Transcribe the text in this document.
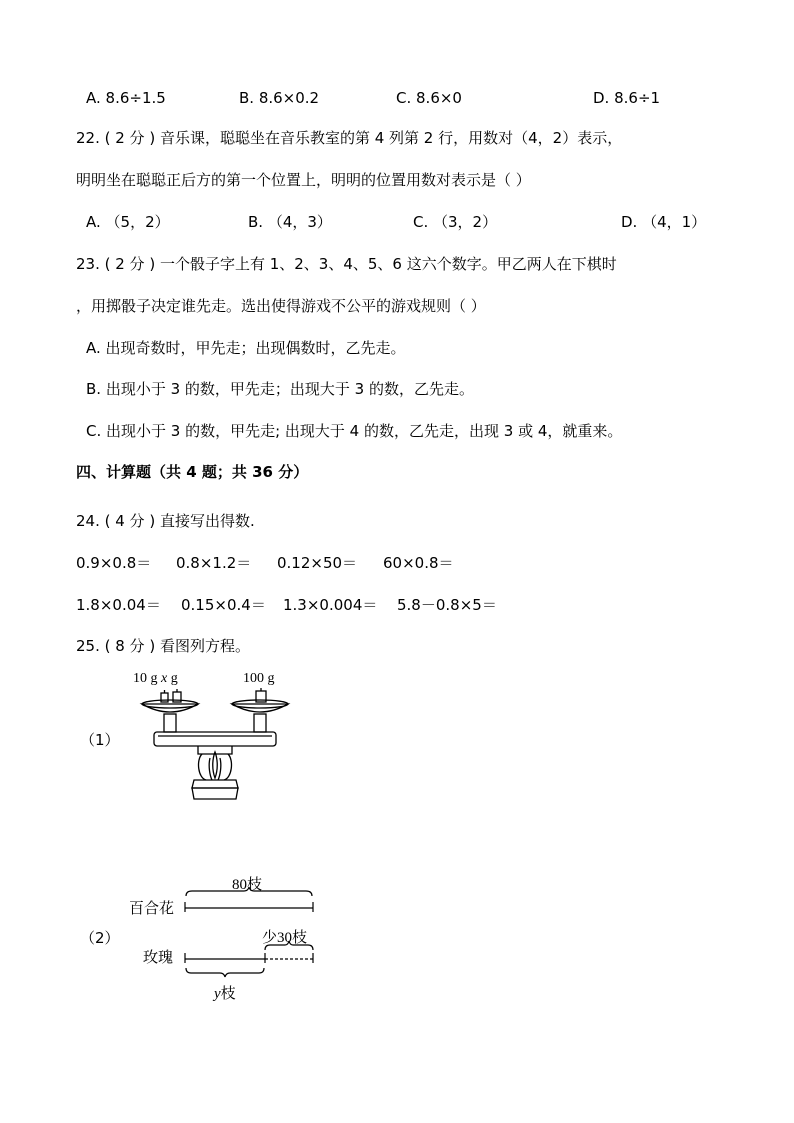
A. 8.6÷1.5	B. 8.6×0.2	C. 8.6×0	D. 8.6÷1
22. ( 2 分 ) 音乐课，聪聪坐在音乐教室的第 4 列第 2 行，用数对（4，2）表示，
明明坐在聪聪正后方的第一个位置上，明明的位置用数对表示是（ ）
A. （5，2）	B. （4，3）	C. （3，2）	D. （4，1）
23. ( 2 分 ) 一个骰子字上有 1、2、3、4、5、6 这六个数字。甲乙两人在下棋时
，用掷骰子决定谁先走。选出使得游戏不公平的游戏规则（ ）
A. 出现奇数时，甲先走；出现偶数时，乙先走。
B. 出现小于 3 的数，甲先走；出现大于 3 的数，乙先走。
C. 出现小于 3 的数，甲先走; 出现大于 4 的数，乙先走，出现 3 或 4，就重来。
四、计算题（共 4 题；共 36 分）
24. ( 4 分 ) 直接写出得数.
0.9×0.8＝ 0.8×1.2＝ 0.12×50＝ 60×0.8＝
1.8×0.04＝ 0.15×0.4＝ 1.3×0.004＝ 5.8－0.8×5＝
25. ( 8 分 ) 看图列方程。
（1）
10 g x g	100 g
（2）
80枝
百合花
少30枝
玫瑰
y枝
